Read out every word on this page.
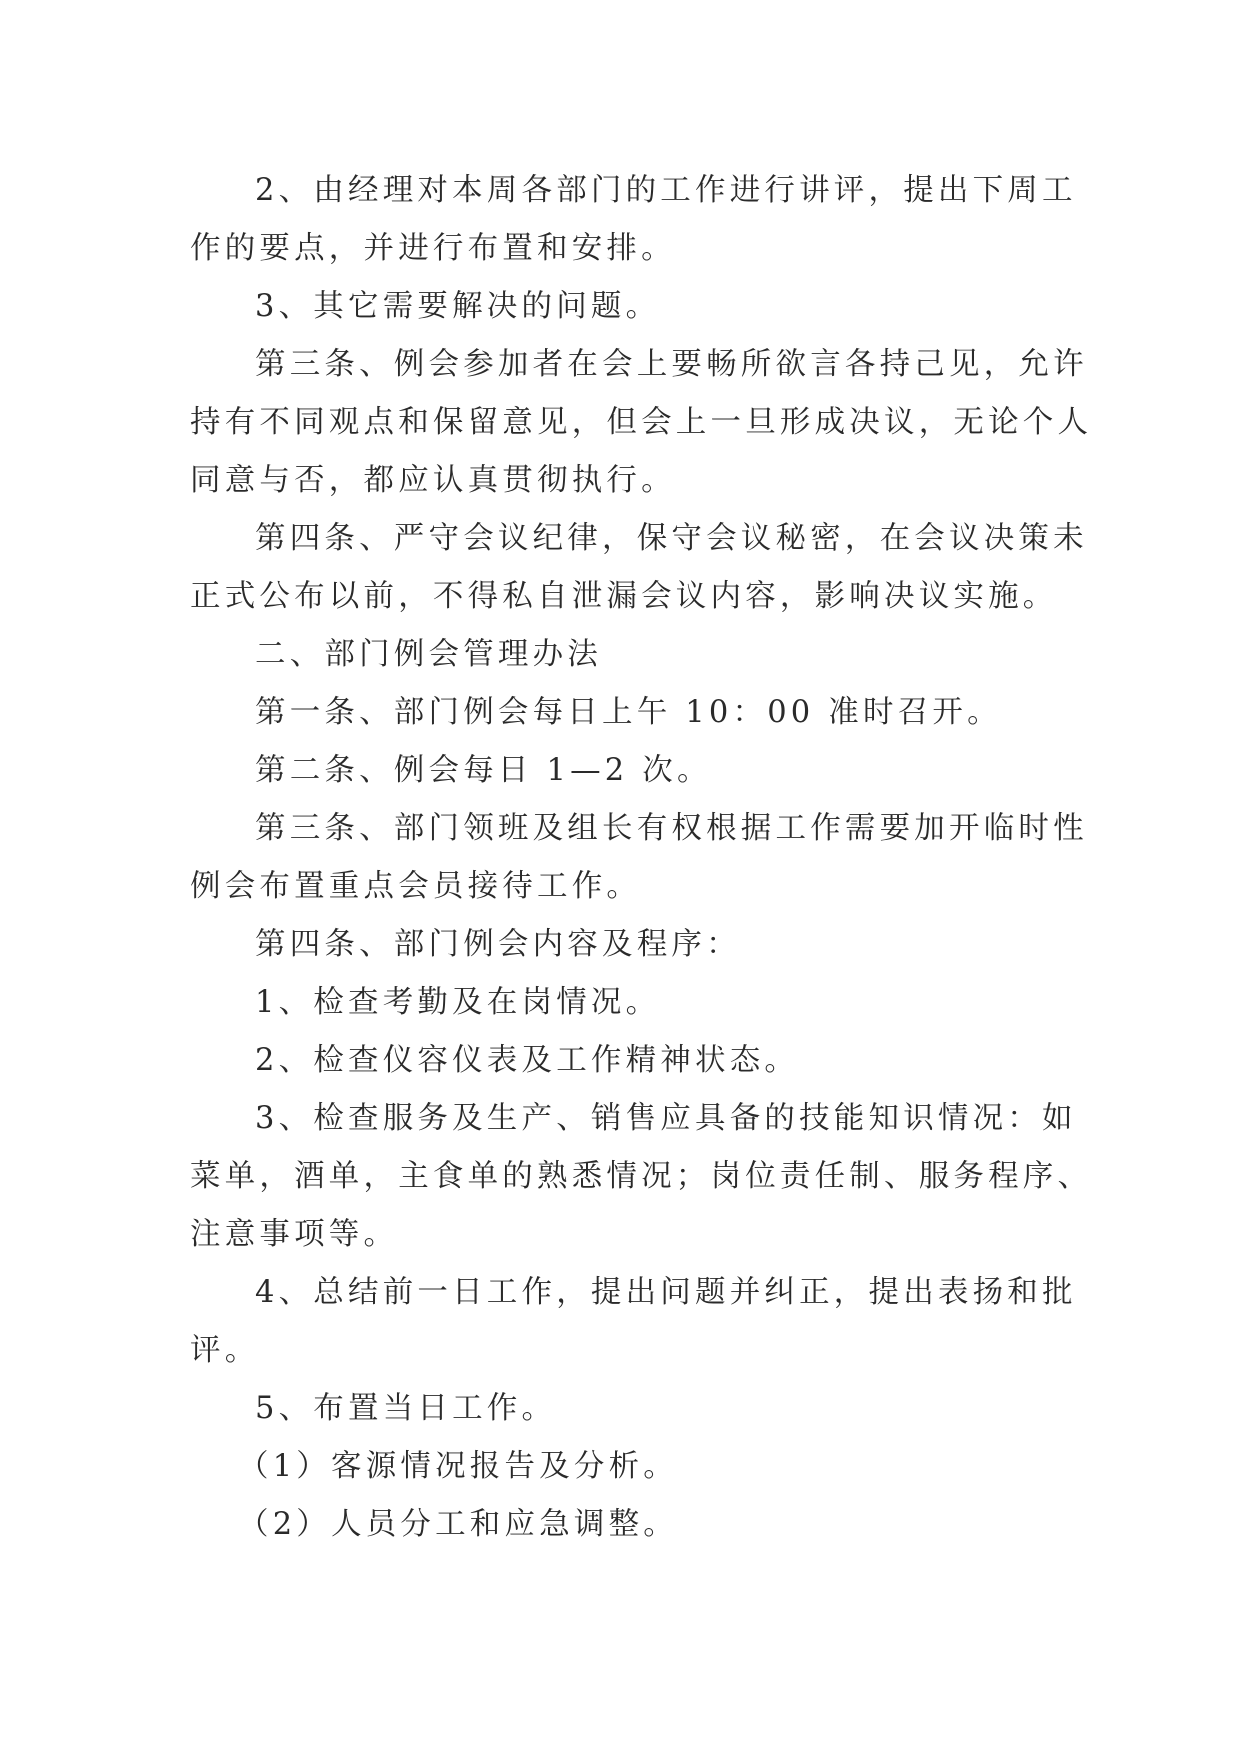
2、由经理对本周各部门的工作进行讲评，提出下周工

作的要点，并进行布置和安排。

3、其它需要解决的问题。

第三条、例会参加者在会上要畅所欲言各持己见，允许

持有不同观点和保留意见，但会上一旦形成决议，无论个人

同意与否，都应认真贯彻执行。

第四条、严守会议纪律，保守会议秘密，在会议决策未

正式公布以前，不得私自泄漏会议内容，影响决议实施。

二、部门例会管理办法

第一条、部门例会每日上午 10：00 准时召开。

第二条、例会每日 1—2 次。

第三条、部门领班及组长有权根据工作需要加开临时性

例会布置重点会员接待工作。

第四条、部门例会内容及程序：

1、检查考勤及在岗情况。

2、检查仪容仪表及工作精神状态。

3、检查服务及生产、销售应具备的技能知识情况：如

菜单，酒单，主食单的熟悉情况；岗位责任制、服务程序、

注意事项等。

4、总结前一日工作，提出问题并纠正，提出表扬和批

评。

5、布置当日工作。

（1）客源情况报告及分析。

（2）人员分工和应急调整。
